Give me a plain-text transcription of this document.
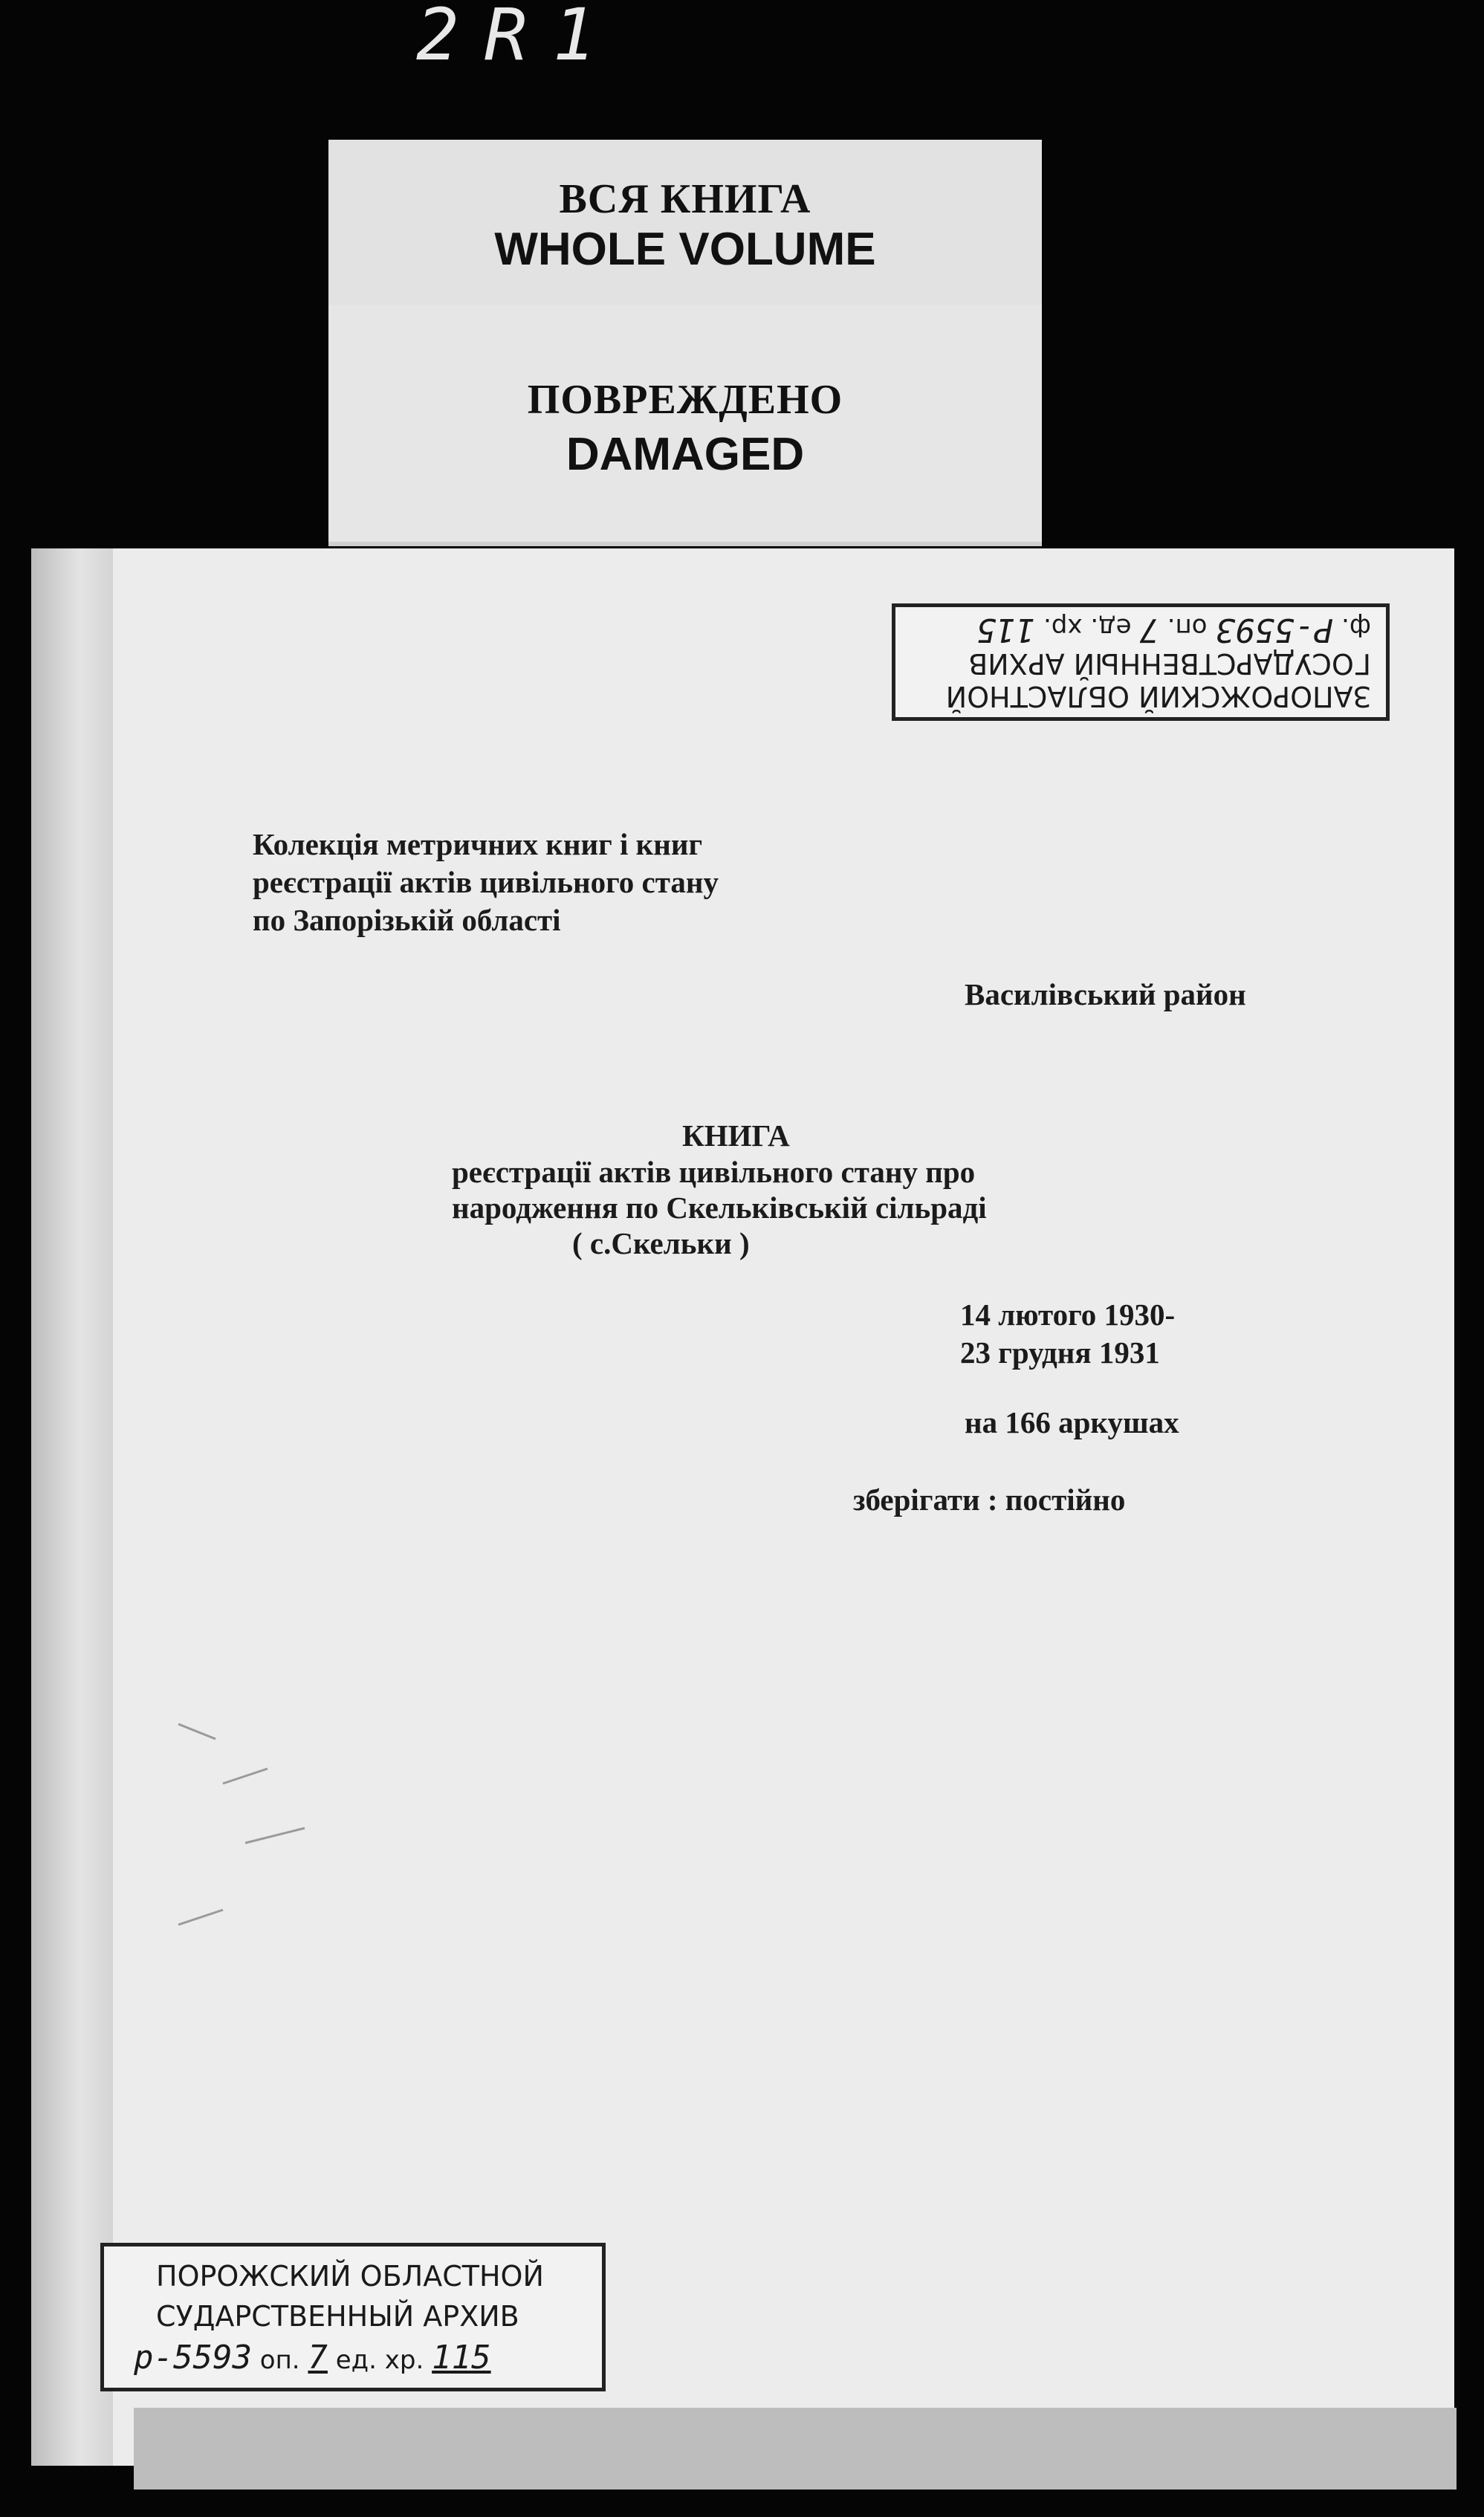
2R1
ВСЯ КНИГА
WHOLE VOLUME
ПОВРЕЖДЕНО
DAMAGED
ЗАПОРОЖСКИЙ ОБЛАСТНОЙ
ГОСУДАРСТВЕННЫЙ АРХИВ
ф. Р-5593 оп. 7 ед. хр. 115
Колекція метричних книг і книг
реєстрації актів цивільного стану
по Запорізькій області
Василівський район
КНИГА
реєстрації актів цивільного стану про
народження по Скельківській сільраді
( с.Скельки )
14 лютого 1930-
23 грудня 1931
на 166 аркушах
зберігати : постійно
ПОРОЖСКИЙ ОБЛАСТНОЙ
СУДАРСТВЕННЫЙ АРХИВ
р-5593 оп. 7 ед. хр. 115
